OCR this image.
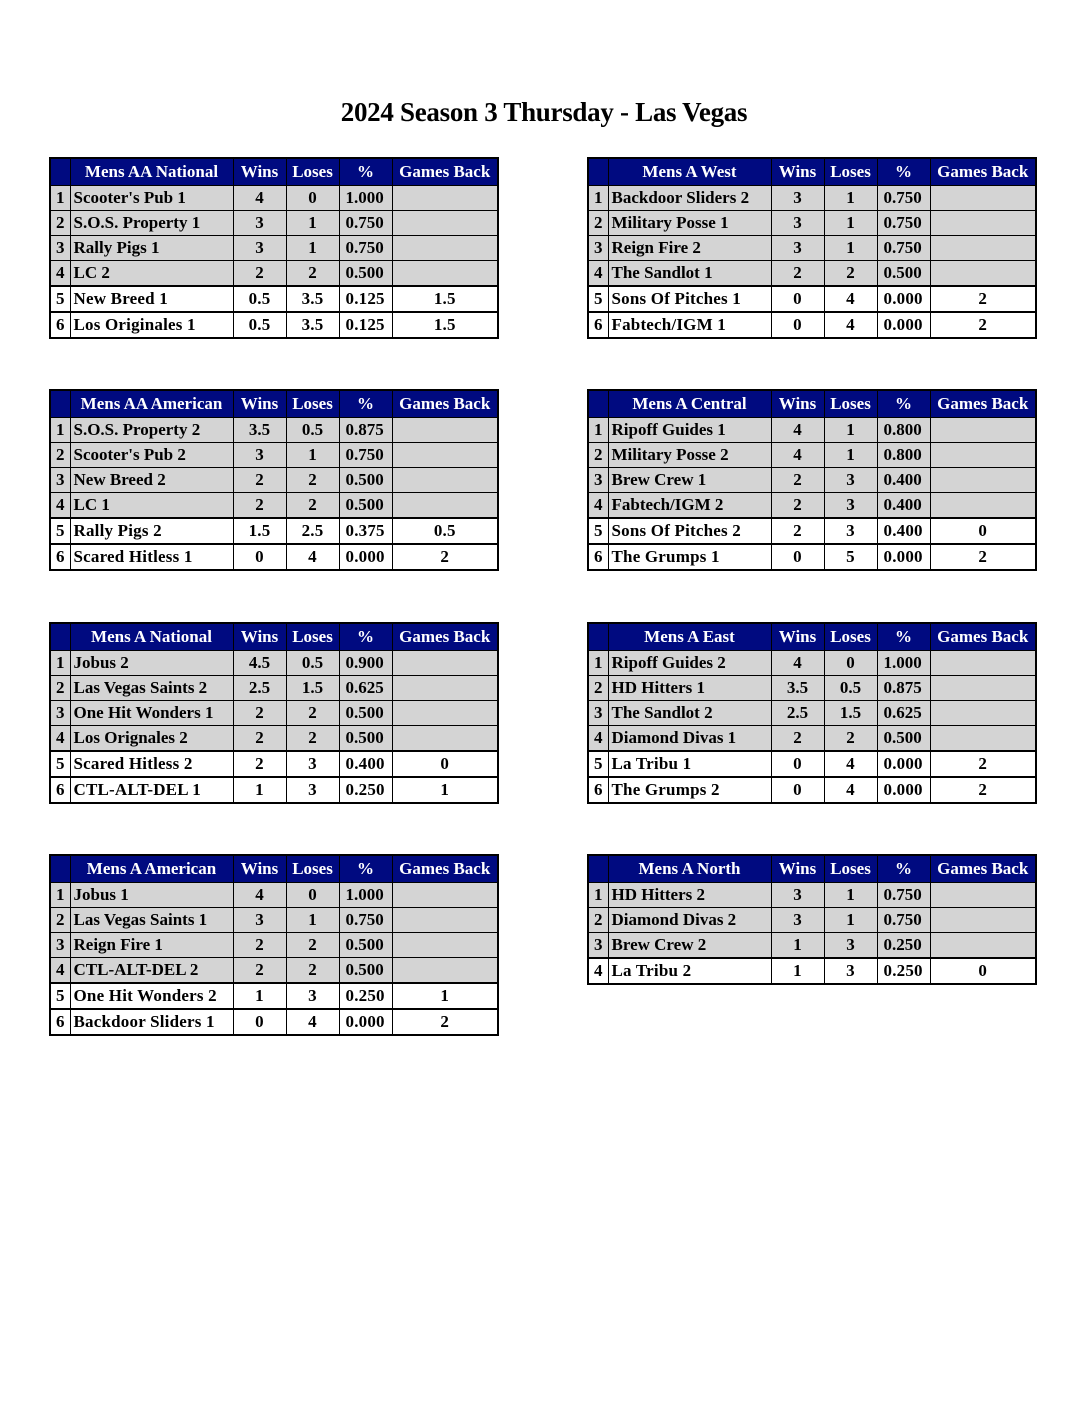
2024 Season 3 Thursday - Las Vegas
	Mens AA National	Wins	Loses	%	Games Back
1	Scooter's Pub 1	4	0	1.000	
2	S.O.S. Property 1	3	1	0.750	
3	Rally Pigs 1	3	1	0.750	
4	LC 2	2	2	0.500	
5	New Breed 1	0.5	3.5	0.125	1.5
6	Los Originales 1	0.5	3.5	0.125	1.5
	Mens A West	Wins	Loses	%	Games Back
1	Backdoor Sliders 2	3	1	0.750	
2	Military Posse 1	3	1	0.750	
3	Reign Fire 2	3	1	0.750	
4	The Sandlot 1	2	2	0.500	
5	Sons Of Pitches 1	0	4	0.000	2
6	Fabtech/IGM 1	0	4	0.000	2
	Mens AA American	Wins	Loses	%	Games Back
1	S.O.S. Property 2	3.5	0.5	0.875	
2	Scooter's Pub 2	3	1	0.750	
3	New Breed 2	2	2	0.500	
4	LC 1	2	2	0.500	
5	Rally Pigs 2	1.5	2.5	0.375	0.5
6	Scared Hitless 1	0	4	0.000	2
	Mens A Central	Wins	Loses	%	Games Back
1	Ripoff Guides 1	4	1	0.800	
2	Military Posse 2	4	1	0.800	
3	Brew Crew 1	2	3	0.400	
4	Fabtech/IGM 2	2	3	0.400	
5	Sons Of Pitches 2	2	3	0.400	0
6	The Grumps 1	0	5	0.000	2
	Mens A National	Wins	Loses	%	Games Back
1	Jobus 2	4.5	0.5	0.900	
2	Las Vegas Saints 2	2.5	1.5	0.625	
3	One Hit Wonders 1	2	2	0.500	
4	Los Orignales 2	2	2	0.500	
5	Scared Hitless 2	2	3	0.400	0
6	CTL-ALT-DEL 1	1	3	0.250	1
	Mens A East	Wins	Loses	%	Games Back
1	Ripoff Guides 2	4	0	1.000	
2	HD Hitters 1	3.5	0.5	0.875	
3	The Sandlot 2	2.5	1.5	0.625	
4	Diamond Divas 1	2	2	0.500	
5	La Tribu 1	0	4	0.000	2
6	The Grumps 2	0	4	0.000	2
	Mens A American	Wins	Loses	%	Games Back
1	Jobus 1	4	0	1.000	
2	Las Vegas Saints 1	3	1	0.750	
3	Reign Fire 1	2	2	0.500	
4	CTL-ALT-DEL 2	2	2	0.500	
5	One Hit Wonders 2	1	3	0.250	1
6	Backdoor Sliders 1	0	4	0.000	2
	Mens A North	Wins	Loses	%	Games Back
1	HD Hitters 2	3	1	0.750	
2	Diamond Divas 2	3	1	0.750	
3	Brew Crew 2	1	3	0.250	
4	La Tribu 2	1	3	0.250	0
